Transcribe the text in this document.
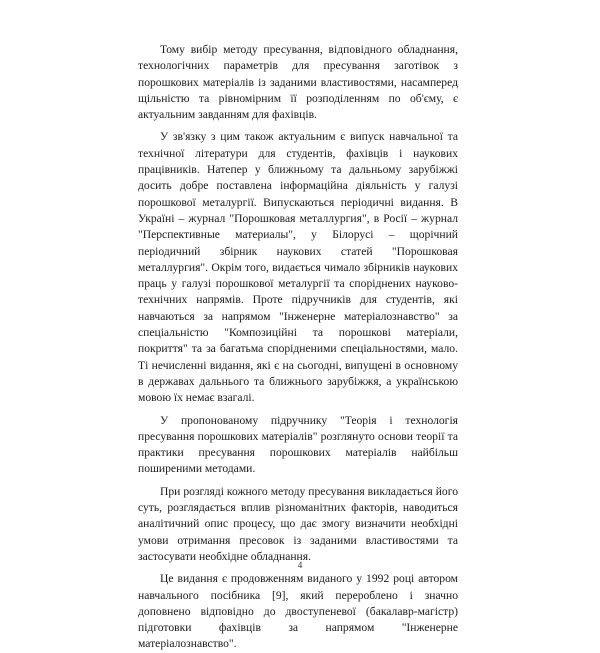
Тому вибір методу пресування, відповідного обладнання, технологічних параметрів для пресування заготівок з порошкових матеріалів із заданими властивостями, насамперед щільністю та рівномірним її розподіленням по об'єму, є актуальним завданням для фахівців.

У зв'язку з цим також актуальним є випуск навчальної та технічної літератури для студентів, фахівців і наукових працівників. Натепер у ближньому та дальньому зарубіжжі досить добре поставлена інформаційна діяльність у галузі порошкової металургії. Випускаються періодичні видання. В Україні – журнал "Порошковая металлургия", в Росії – журнал "Перспективные материалы", у Білорусі – щорічний періодичний збірник наукових статей "Порошковая металлургия". Окрім того, видається чимало збірників наукових праць у галузі порошкової металургії та споріднених науково-технічних напрямів. Проте підручників для студентів, які навчаються за напрямом "Інженерне матеріалознавство" за спеціальністю "Композиційні та порошкові матеріали, покриття" та за багатьма спорідненими спеціальностями, мало. Ті нечисленні видання, які є на сьогодні, випущені в основному в державах дальнього та ближнього зарубіжжя, а українською мовою їх немає взагалі.

У пропонованому підручнику "Теорія і технологія пресування порошкових матеріалів" розглянуто основи теорії та практики пресування порошкових матеріалів найбільш поширеними методами.

При розгляді кожного методу пресування викладається його суть, розглядається вплив різноманітних факторів, наводиться аналітичний опис процесу, що дає змогу визначити необхідні умови отримання пресовок із заданими властивостями та застосувати необхідне обладнання.

Це видання є продовженням виданого у 1992 році автором навчального посібника [9], який перероблено і значно доповнено відповідно до двоступеневої (бакалавр-магістр) підготовки фахівців за напрямом "Інженерне матеріалознавство".

4
